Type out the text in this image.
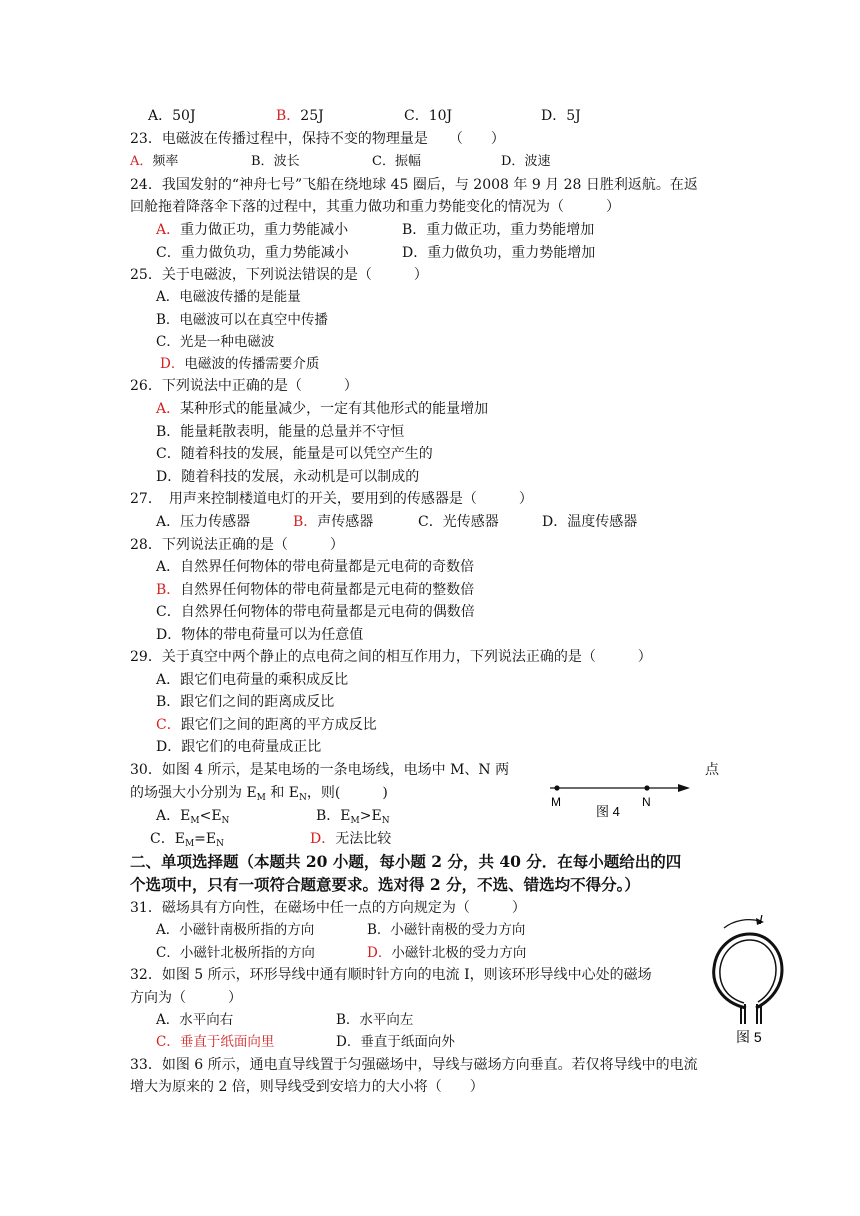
A．50J	B．25J	C．10J	D．5J
23．电磁波在传播过程中，保持不变的物理量是　　（　　）
A．频率	B．波长	C．振幅	D．波速
24．我国发射的“神舟七号”飞船在绕地球 45 圈后，与 2008 年 9 月 28 日胜利返航。在返
回舱拖着降落伞下落的过程中，其重力做功和重力势能变化的情况为（　　　）
A．重力做正功，重力势能减小	B．重力做正功，重力势能增加
C．重力做负功，重力势能减小	D．重力做负功，重力势能增加
25．关于电磁波，下列说法错误的是（　　　）
A．电磁波传播的是能量
B．电磁波可以在真空中传播
C．光是一种电磁波
D．电磁波的传播需要介质
26．下列说法中正确的是（　　　）
A．某种形式的能量减少，一定有其他形式的能量增加
B．能量耗散表明，能量的总量并不守恒
C．随着科技的发展，能量是可以凭空产生的
D．随着科技的发展，永动机是可以制成的
27．　用声来控制楼道电灯的开关，要用到的传感器是（　　　）
A．压力传感器	B．声传感器	C．光传感器	D．温度传感器
28．下列说法正确的是（　　　）
A．自然界任何物体的带电荷量都是元电荷的奇数倍
B．自然界任何物体的带电荷量都是元电荷的整数倍
C．自然界任何物体的带电荷量都是元电荷的偶数倍
D．物体的带电荷量可以为任意值
29．关于真空中两个静止的点电荷之间的相互作用力，下列说法正确的是（　　　）
A．跟它们电荷量的乘积成反比
B．跟它们之间的距离成反比
C．跟它们之间的距离的平方成反比
D．跟它们的电荷量成正比
30．如图 4 所示，是某电场的一条电场线，电场中 M、N 两	点
的场强大小分别为 $E_M$ 和 $E_N$，则(　　　)
A．$E_M<E_N$	B．$E_M>E_N$
C．$E_M=E_N$	D．无法比较
M	N
图 4
二、单项选择题（本题共 20 小题，每小题 2 分，共 40 分．在每小题给出的四
个选项中，只有一项符合题意要求。选对得 2 分，不选、错选均不得分。）
31．磁场具有方向性，在磁场中任一点的方向规定为（　　　）
A．小磁针南极所指的方向	B．小磁针南极的受力方向
C．小磁针北极所指的方向	D．小磁针北极的受力方向
32．如图 5 所示，环形导线中通有顺时针方向的电流 I，则该环形导线中心处的磁场
方向为（　　　）
A．水平向右	B．水平向左
C．垂直于纸面向里	D．垂直于纸面向外
I
图 5
33．如图 6 所示，通电直导线置于匀强磁场中，导线与磁场方向垂直。若仅将导线中的电流
增大为原来的 2 倍，则导线受到安培力的大小将（　　）
